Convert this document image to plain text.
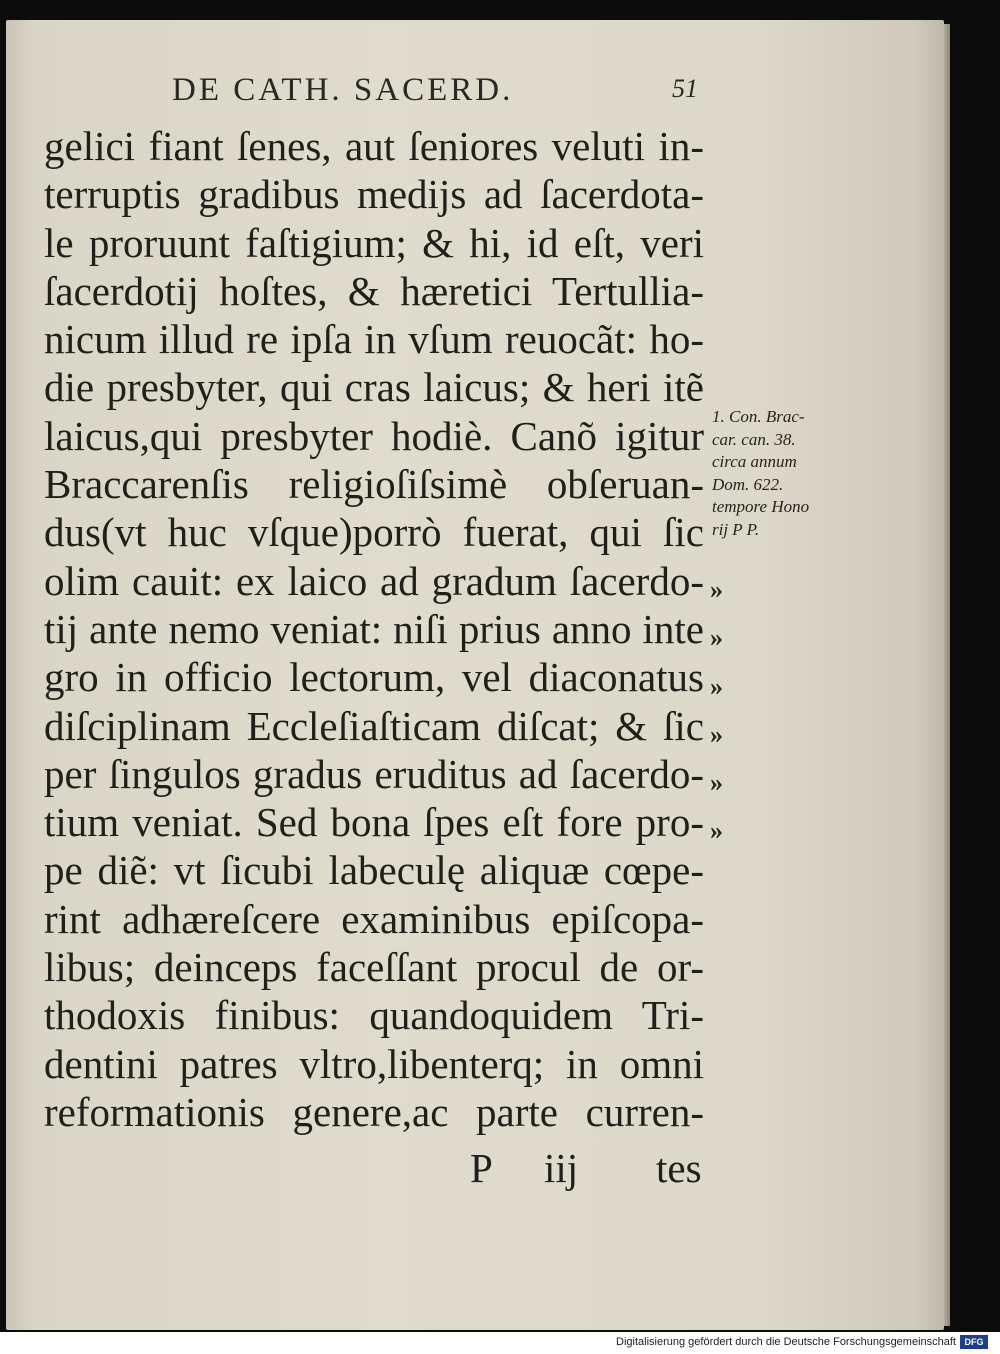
DE CATH. SACERD.	51
gelici fiant ſenes, aut ſeniores veluti in-
terruptis gradibus medijs ad ſacerdota-
le proruunt faſtigium; & hi, id eſt, veri
ſacerdotij hoſtes, & hæretici Tertullia-
nicum illud re ipſa in vſum reuocãt: ho-
die presbyter, qui cras laicus; & heri itẽ
laicus,qui presbyter hodiè. Canõ igitur
Braccarenſis religioſiſsimè obſeruan-
dus(vt huc vſque)porrò fuerat, qui ſic
olim cauit: ex laico ad gradum ſacerdo-
tij ante nemo veniat: niſi prius anno inte
gro in officio lectorum, vel diaconatus
diſciplinam Eccleſiaſticam diſcat; & ſic
per ſingulos gradus eruditus ad ſacerdo-
tium veniat. Sed bona ſpes eſt fore pro-
pe diẽ: vt ſicubi labeculę aliquæ cœpe-
rint adhæreſcere examinibus epiſcopa-
libus; deinceps faceſſant procul de or-
thodoxis finibus: quandoquidem Tri-
dentini patres vltro,libenterq; in omni
reformationis genere,ac parte curren-
P iij tes
1. Con. Brac-
car. can. 38.
circa annum
Dom. 622.
tempore Hono
rij P P.
»
»
»
»
»
»
Digitalisierung gefördert durch die Deutsche Forschungsgemeinschaft DFG
